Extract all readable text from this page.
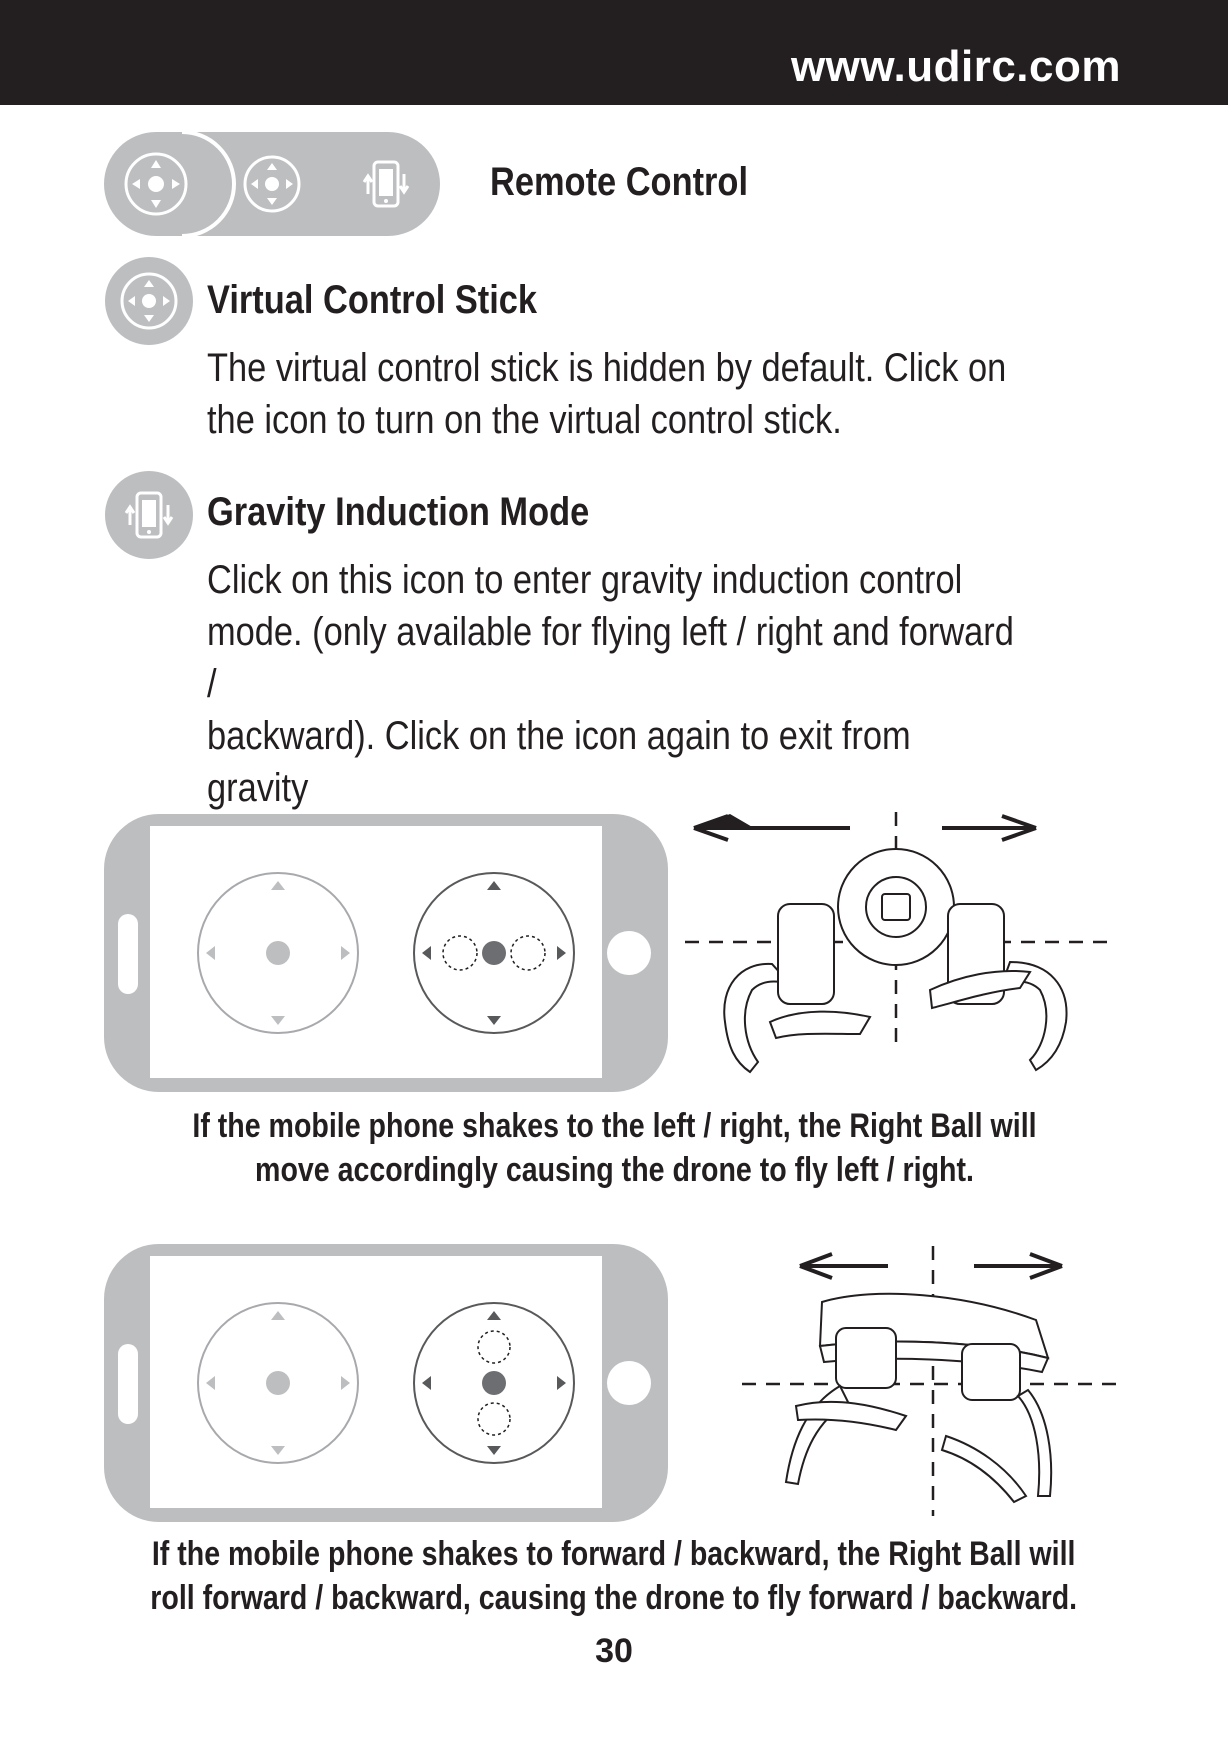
www.udirc.com
Remote Control
Virtual Control Stick
The virtual control stick is hidden by default. Click on
the icon to turn on the virtual control stick.
Gravity Induction Mode
Click on this icon to enter gravity induction control
mode. (only available for flying left / right and forward /
backward). Click on the icon again to exit from gravity
If the mobile phone shakes to the left / right, the Right Ball will
move accordingly causing the drone to fly left / right.
If the mobile phone shakes to forward / backward, the Right Ball will
roll forward / backward, causing the drone to fly forward / backward.
30
